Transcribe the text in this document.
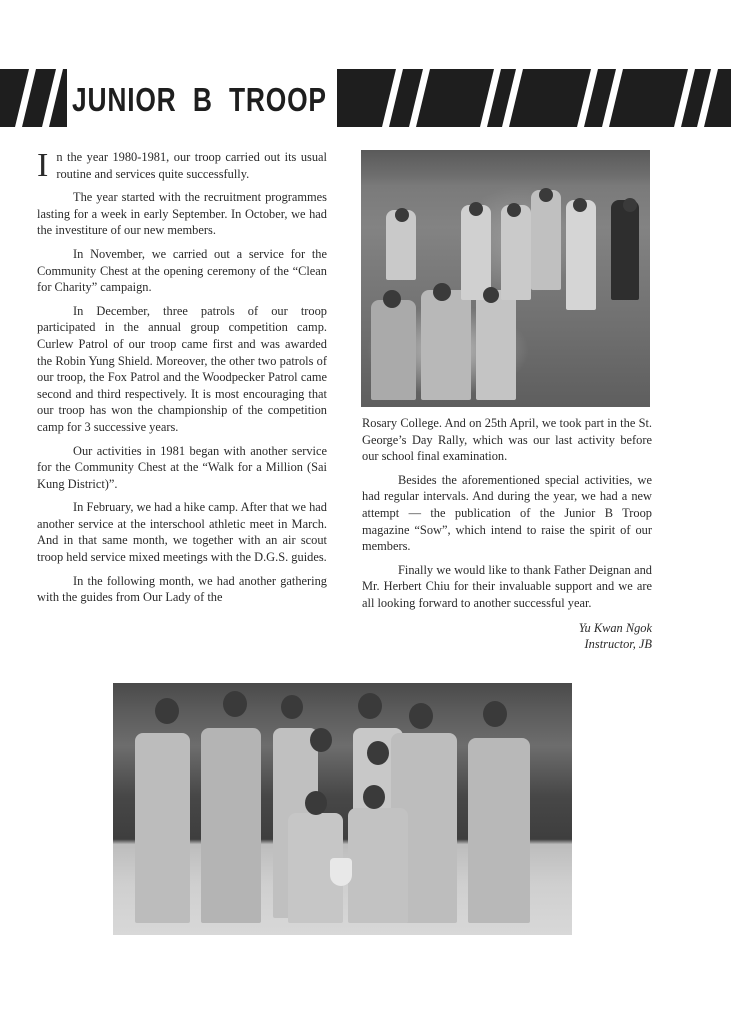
JUNIOR  B  TROOP

In the year 1980-1981, our troop carried out its usual routine and services quite successfully.

The year started with the recruitment programmes lasting for a week in early September. In October, we had the investiture of our new members.

In November, we carried out a service for the Community Chest at the opening ceremony of the “Clean for Charity” campaign.

In December, three patrols of our troop participated in the annual group competition camp. Curlew Patrol of our troop came first and was awarded the Robin Yung Shield. Moreover, the other two patrols of our troop, the Fox Patrol and the Woodpecker Patrol came second and third respectively. It is most encouraging that our troop has won the championship of the competition camp for 3 successive years.

Our activities in 1981 began with another service for the Community Chest at the “Walk for a Million (Sai Kung District)”.

In February, we had a hike camp. After that we had another service at the interschool athletic meet in March. And in that same month, we together with an air scout troop held service mixed meetings with the D.G.S. guides.

In the following month, we had another gathering with the guides from Our Lady of the

Rosary College. And on 25th April, we took part in the St. George’s Day Rally, which was our last activity before our school final examination.

Besides the aforementioned special activities, we had regular intervals. And during the year, we had a new attempt — the publication of the Junior B Troop magazine “Sow”, which intend to raise the spirit of our members.

Finally we would like to thank Father Deignan and Mr. Herbert Chiu for their invaluable support and we are all looking forward to another successful year.

Yu Kwan Ngok
Instructor, JB
